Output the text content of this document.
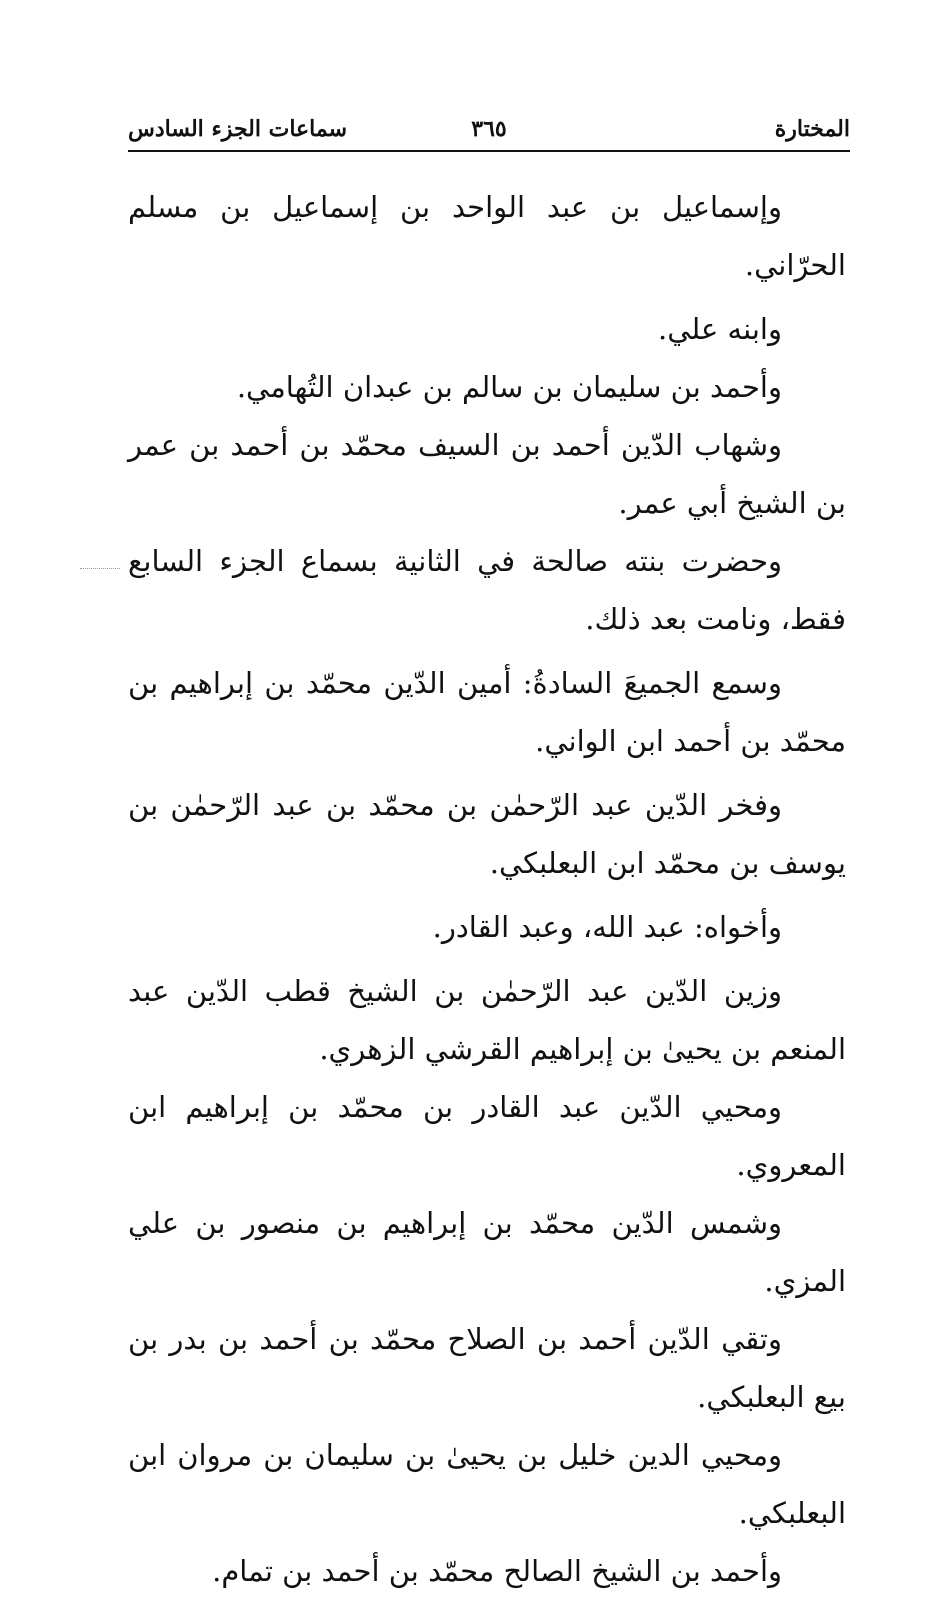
المختارة
٣٦٥
سماعات الجزء السادس

وإسماعيل بن عبد الواحد بن إسماعيل بن مسلم الحرّاني.

وابنه علي.

وأحمد بن سليمان بن سالم بن عبدان التُهامي.

وشهاب الدّين أحمد بن السيف محمّد بن أحمد بن عمر بن الشيخ أبي عمر.

وحضرت بنته صالحة في الثانية بسماع الجزء السابع فقط، ونامت بعد ذلك.

وسمع الجميعَ السادةُ: أمين الدّين محمّد بن إبراهيم بن محمّد بن أحمد ابن الواني.

وفخر الدّين عبد الرّحمٰن بن محمّد بن عبد الرّحمٰن بن يوسف بن محمّد ابن البعلبكي.

وأخواه: عبد الله، وعبد القادر.

وزين الدّين عبد الرّحمٰن بن الشيخ قطب الدّين عبد المنعم بن يحيىٰ بن إبراهيم القرشي الزهري.

ومحيي الدّين عبد القادر بن محمّد بن إبراهيم ابن المعروي.

وشمس الدّين محمّد بن إبراهيم بن منصور بن علي المزي.

وتقي الدّين أحمد بن الصلاح محمّد بن أحمد بن بدر بن بيع البعلبكي.

ومحيي الدين خليل بن يحيىٰ بن سليمان بن مروان ابن البعلبكي.

وأحمد بن الشيخ الصالح محمّد بن أحمد بن تمام.
